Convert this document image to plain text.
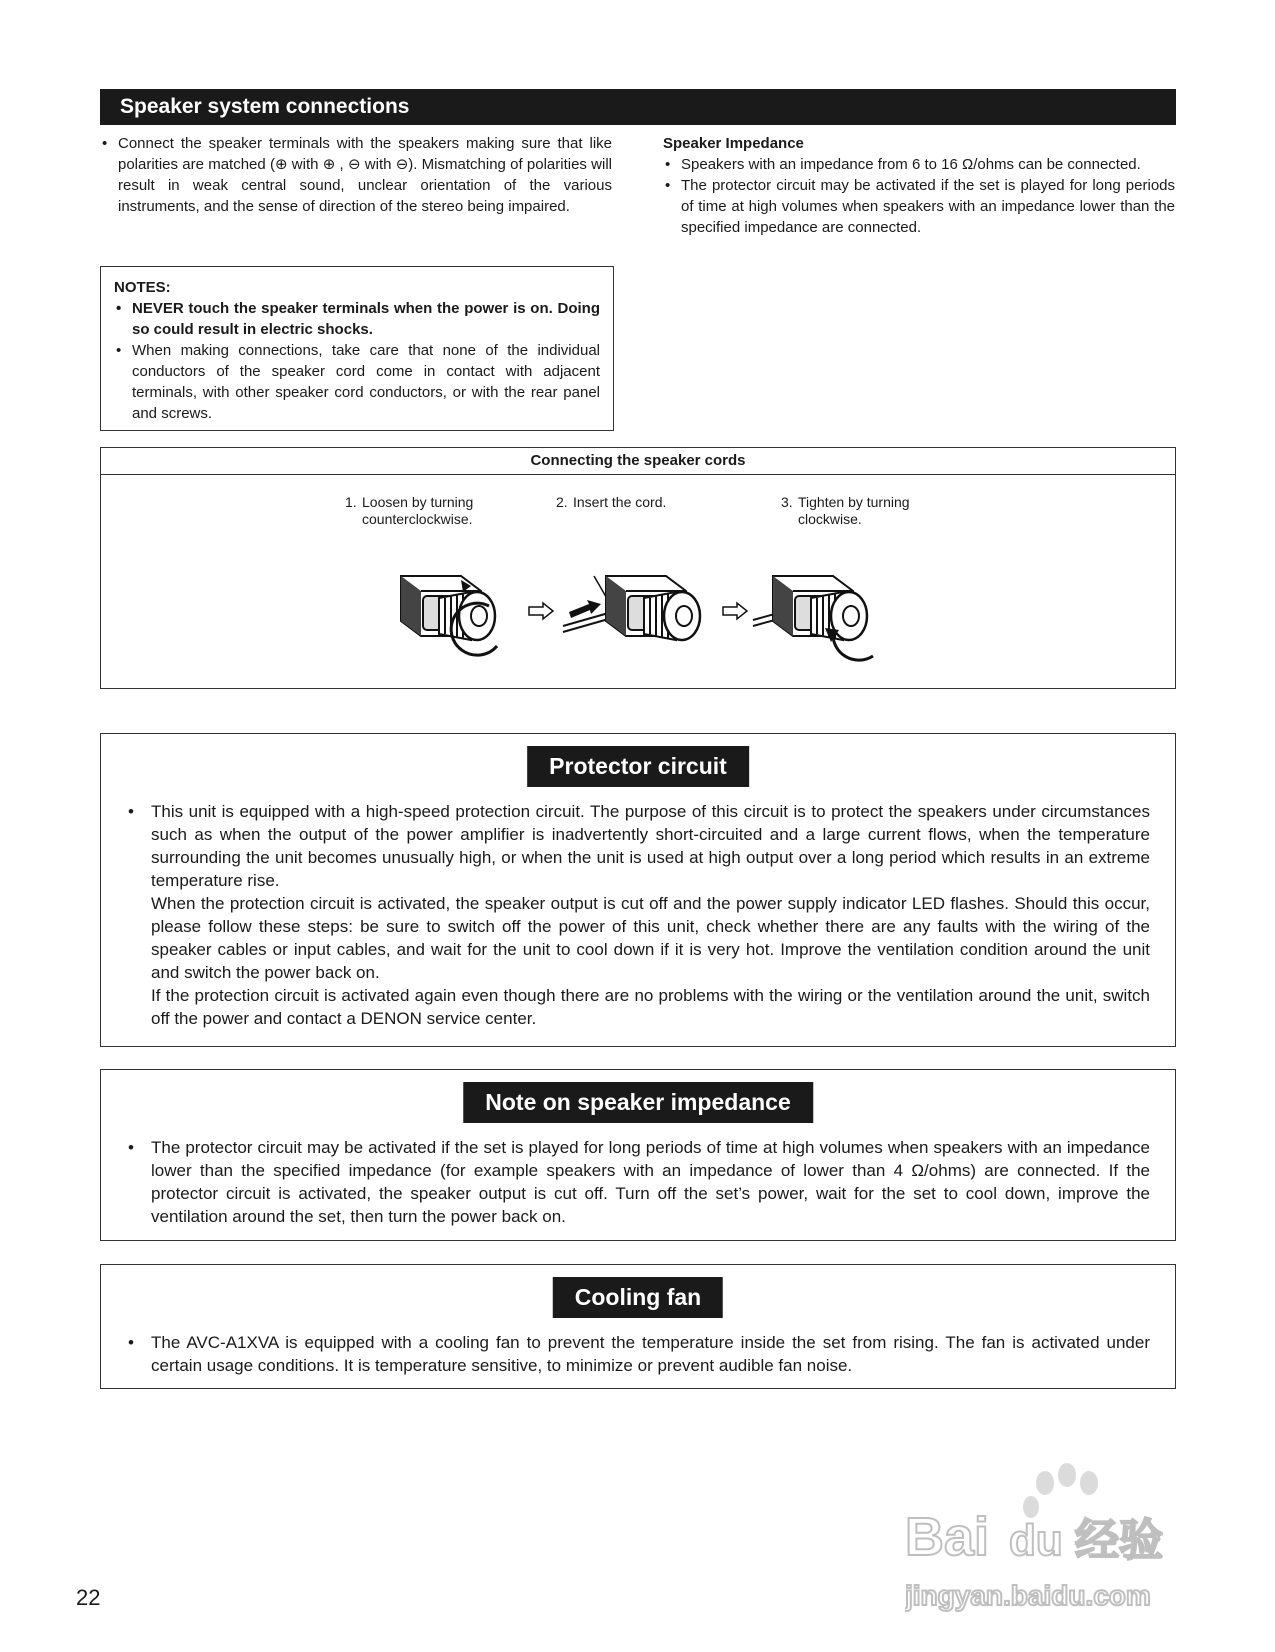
Speaker system connections
• Connect the speaker terminals with the speakers making sure that like polarities are matched (⊕ with ⊕ , ⊖ with ⊖). Mismatching of polarities will result in weak central sound, unclear orientation of the various instruments, and the sense of direction of the stereo being impaired.
Speaker Impedance
• Speakers with an impedance from 6 to 16 Ω/ohms can be connected.
• The protector circuit may be activated if the set is played for long periods of time at high volumes when speakers with an impedance lower than the specified impedance are connected.
NOTES:
• NEVER touch the speaker terminals when the power is on. Doing so could result in electric shocks.
• When making connections, take care that none of the individual conductors of the speaker cord come in contact with adjacent terminals, with other speaker cord conductors, or with the rear panel and screws.
Connecting the speaker cords
1. Loosen by turning
counterclockwise.
2. Insert the cord.	3. Tighten by turning
clockwise.
Protector circuit
• This unit is equipped with a high-speed protection circuit. The purpose of this circuit is to protect the speakers under circumstances such as when the output of the power amplifier is inadvertently short-circuited and a large current flows, when the temperature surrounding the unit becomes unusually high, or when the unit is used at high output over a long period which results in an extreme temperature rise.
When the protection circuit is activated, the speaker output is cut off and the power supply indicator LED flashes. Should this occur, please follow these steps: be sure to switch off the power of this unit, check whether there are any faults with the wiring of the speaker cables or input cables, and wait for the unit to cool down if it is very hot. Improve the ventilation condition around the unit and switch the power back on.
If the protection circuit is activated again even though there are no problems with the wiring or the ventilation around the unit, switch off the power and contact a DENON service center.
Note on speaker impedance
• The protector circuit may be activated if the set is played for long periods of time at high volumes when speakers with an impedance lower than the specified impedance (for example speakers with an impedance of lower than 4 Ω/ohms) are connected. If the protector circuit is activated, the speaker output is cut off. Turn off the set’s power, wait for the set to cool down, improve the ventilation around the set, then turn the power back on.
Cooling fan
• The AVC-A1XVA is equipped with a cooling fan to prevent the temperature inside the set from rising. The fan is activated under certain usage conditions. It is temperature sensitive, to minimize or prevent audible fan noise.
22
Bai du 经验
jingyan.baidu.com
